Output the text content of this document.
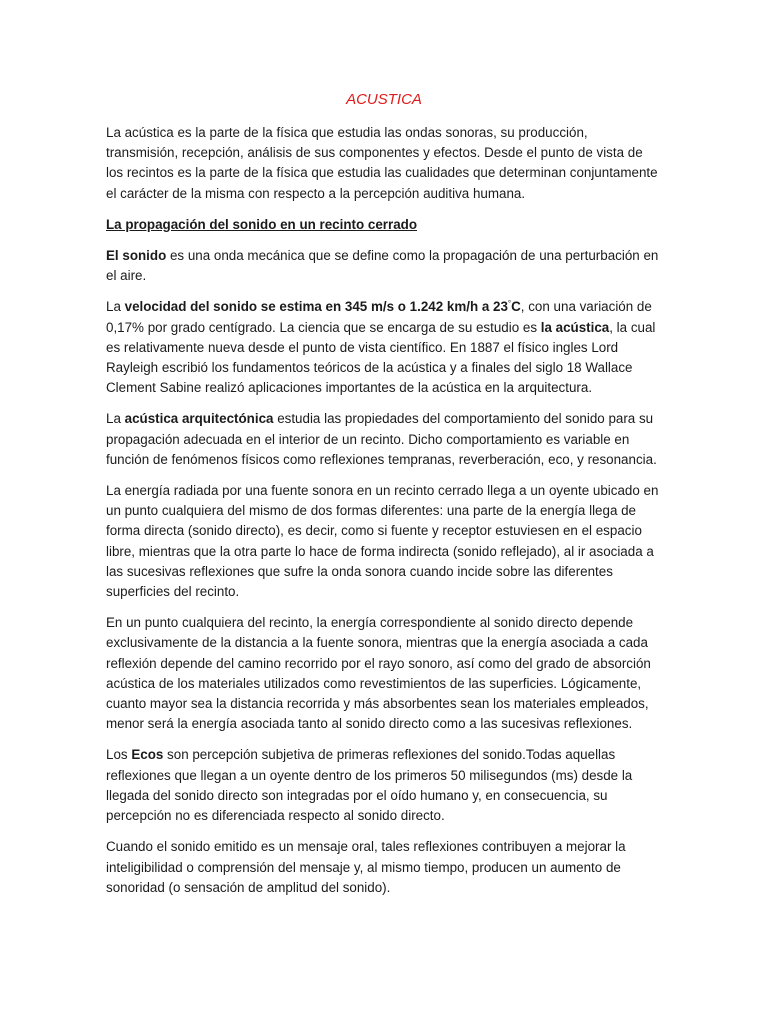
ACUSTICA

La acústica es la parte de la física que estudia las ondas sonoras, su producción, transmisión, recepción, análisis de sus componentes y efectos. Desde el punto de vista de los recintos es la parte de la física que estudia las cualidades que determinan conjuntamente el carácter de la misma con respecto a la percepción auditiva humana.

La propagación del sonido en un recinto cerrado

El sonido es una onda mecánica que se define como la propagación de una perturbación en el aire.

La velocidad del sonido se estima en 345 m/s o 1.242 km/h a 23°C, con una variación de 0,17% por grado centígrado. La ciencia que se encarga de su estudio es la acústica, la cual es relativamente nueva desde el punto de vista científico. En 1887 el físico ingles Lord Rayleigh escribió los fundamentos teóricos de la acústica y a finales del siglo 18 Wallace Clement Sabine realizó aplicaciones importantes de la acústica en la arquitectura.

La acústica arquitectónica estudia las propiedades del comportamiento del sonido para su propagación adecuada en el interior de un recinto. Dicho comportamiento es variable en función de fenómenos físicos como reflexiones tempranas, reverberación, eco, y resonancia.

La energía radiada por una fuente sonora en un recinto cerrado llega a un oyente ubicado en un punto cualquiera del mismo de dos formas diferentes: una parte de la energía llega de forma directa (sonido directo), es decir, como si fuente y receptor estuviesen en el espacio libre, mientras que la otra parte lo hace de forma indirecta (sonido reflejado), al ir asociada a las sucesivas reflexiones que sufre la onda sonora cuando incide sobre las diferentes superficies del recinto.

En un punto cualquiera del recinto, la energía correspondiente al sonido directo depende exclusivamente de la distancia a la fuente sonora, mientras que la energía asociada a cada reflexión depende del camino recorrido por el rayo sonoro, así como del grado de absorción acústica de los materiales utilizados como revestimientos de las superficies. Lógicamente, cuanto mayor sea la distancia recorrida y más absorbentes sean los materiales empleados, menor será la energía asociada tanto al sonido directo como a las sucesivas reflexiones.

Los Ecos son percepción subjetiva de primeras reflexiones del sonido.Todas aquellas reflexiones que llegan a un oyente dentro de los primeros 50 milisegundos (ms) desde la llegada del sonido directo son integradas por el oído humano y, en consecuencia, su percepción no es diferenciada respecto al sonido directo.

Cuando el sonido emitido es un mensaje oral, tales reflexiones contribuyen a mejorar la inteligibilidad o comprensión del mensaje y, al mismo tiempo, producen un aumento de sonoridad (o sensación de amplitud del sonido).
